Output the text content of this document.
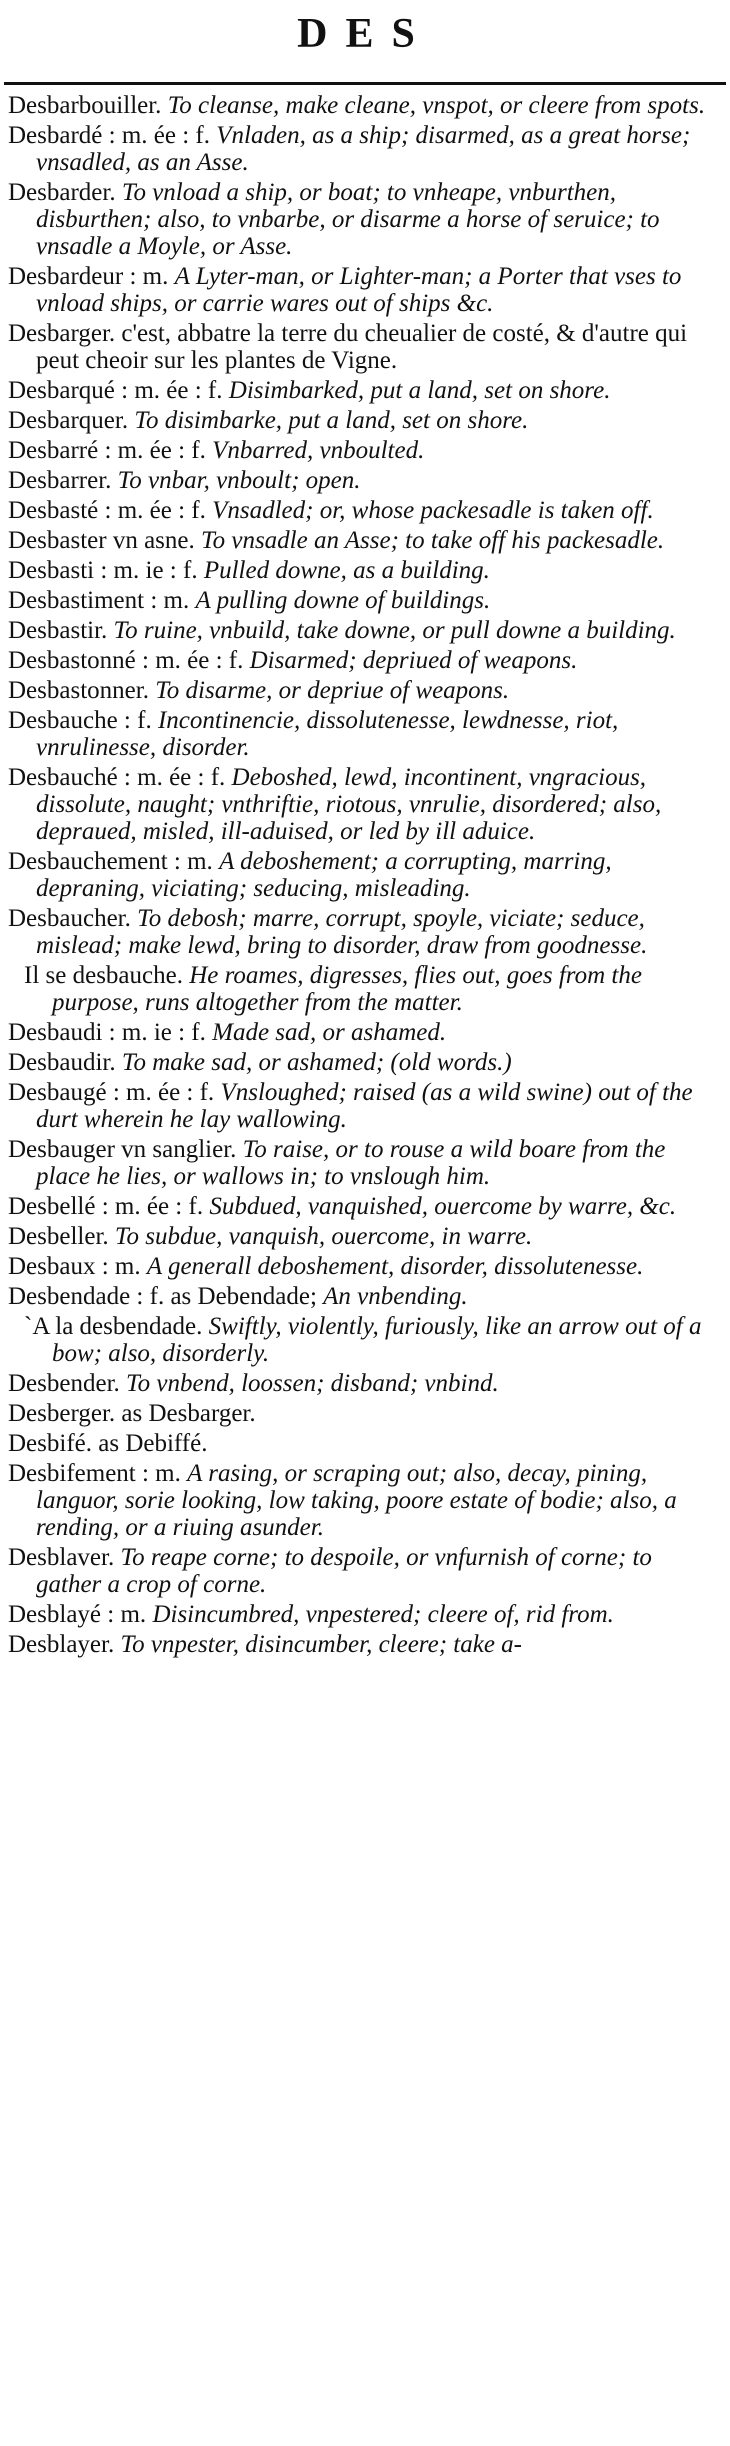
DES
Desbarbouiller. To cleanse, make cleane, vnspot, or cleere from spots.
Desbardé : m. ée : f. Vnladen, as a ship; disarmed, as a great horse; vnsadled, as an Asse.
Desbarder. To vnload a ship, or boat; to vnheape, vnburthen, disburthen; also, to vnbarbe, or disarme a horse of seruice; to vnsadle a Moyle, or Asse.
Desbardeur : m. A Lyter-man, or Lighter-man; a Porter that vses to vnload ships, or carrie wares out of ships &c.
Desbarger. c'est, abbatre la terre du cheualier de costé, & d'autre qui peut cheoir sur les plantes de Vigne.
Desbarqué : m. ée : f. Disimbarked, put a land, set on shore.
Desbarquer. To disimbarke, put a land, set on shore.
Desbarré : m. ée : f. Vnbarred, vnboulted.
Desbarrer. To vnbar, vnboult; open.
Desbasté : m. ée : f. Vnsadled; or, whose packesadle is taken off.
Desbaster vn asne. To vnsadle an Asse; to take off his packesadle.
Desbasti : m. ie : f. Pulled downe, as a building.
Desbastiment : m. A pulling downe of buildings.
Desbastir. To ruine, vnbuild, take downe, or pull downe a building.
Desbastonné : m. ée : f. Disarmed; depriued of weapons.
Desbastonner. To disarme, or depriue of weapons.
Desbauche : f. Incontinencie, dissolutenesse, lewdnesse, riot, vnrulinesse, disorder.
Desbauché : m. ée : f. Deboshed, lewd, incontinent, vngracious, dissolute, naught; vnthriftie, riotous, vnrulie, disordered; also, depraued, misled, ill-aduised, or led by ill aduice.
Desbauchement : m. A deboshement; a corrupting, marring, depraning, viciating; seducing, misleading.
Desbaucher. To debosh; marre, corrupt, spoyle, viciate; seduce, mislead; make lewd, bring to disorder, draw from goodnesse.
Il se desbauche. He roames, digresses, flies out, goes from the purpose, runs altogether from the matter.
Desbaudi : m. ie : f. Made sad, or ashamed.
Desbaudir. To make sad, or ashamed; (old words.)
Desbaugé : m. ée : f. Vnsloughed; raised (as a wild swine) out of the durt wherein he lay wallowing.
Desbauger vn sanglier. To raise, or to rouse a wild boare from the place he lies, or wallows in; to vnslough him.
Desbellé : m. ée : f. Subdued, vanquished, ouercome by warre, &c.
Desbeller. To subdue, vanquish, ouercome, in warre.
Desbaux : m. A generall deboshement, disorder, dissolutenesse.
Desbendade : f. as Debendade; An vnbending.
`A la desbendade. Swiftly, violently, furiously, like an arrow out of a bow; also, disorderly.
Desbender. To vnbend, loossen; disband; vnbind.
Desberger. as Desbarger.
Desbifé. as Debiffé.
Desbifement : m. A rasing, or scraping out; also, decay, pining, languor, sorie looking, low taking, poore estate of bodie; also, a rending, or a riuing asunder.
Desblaver. To reape corne; to despoile, or vnfurnish of corne; to gather a crop of corne.
Desblayé : m. Disincumbred, vnpestered; cleere of, rid from.
Desblayer. To vnpester, disincumber, cleere; take a-
